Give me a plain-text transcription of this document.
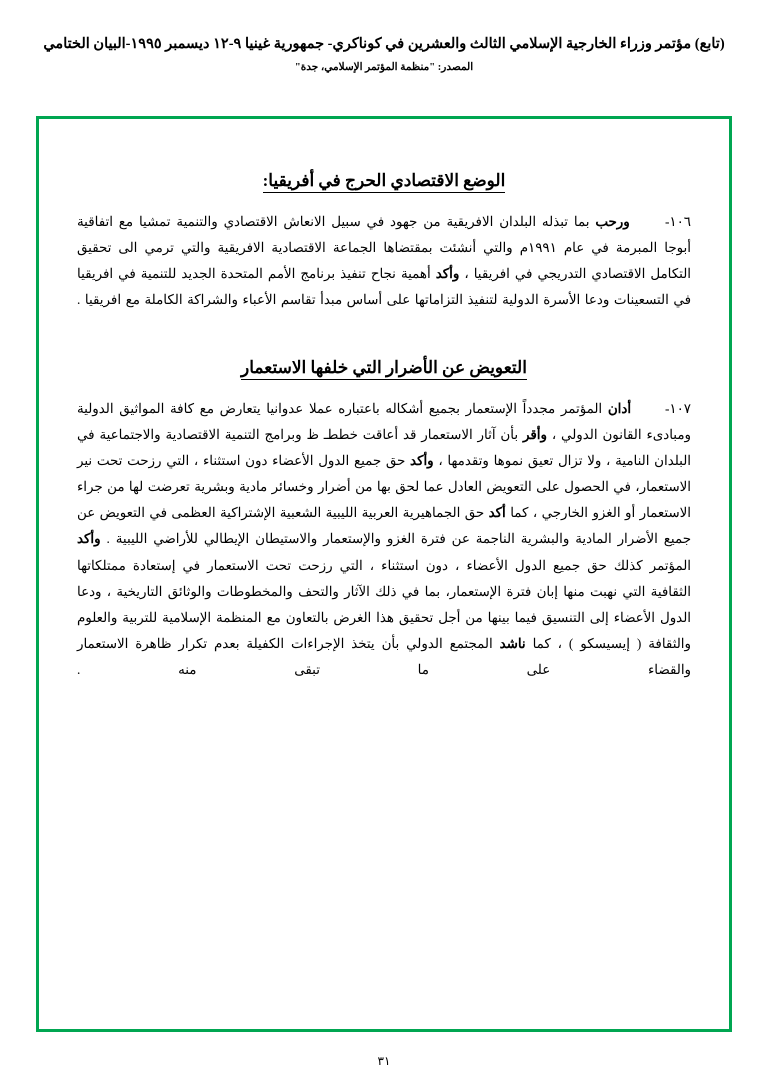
(تابع) مؤتمر وزراء الخارجية الإسلامي الثالث والعشرين في كوناكري- جمهورية غينيا ٩-١٢ ديسمبر ١٩٩٥-البيان الختامي
المصدر: "منظمة المؤتمر الإسلامي، جدة"
الوضع الاقتصادي الحرج في أفريقيا:

١٠٦-      ورحب بما تبذله البلدان الافريقية من جهود في سبيل الانعاش الاقتصادي والتنمية تمشيا مع اتفاقية أبوجا المبرمة في عام ١٩٩١م والتي أنشئت بمقتضاها الجماعة الاقتصادية الافريقية والتي ترمي الى تحقيق التكامل الاقتصادي التدريجي في افريقيا ، وأكد أهمية نجاح تنفيذ برنامج الأمم المتحدة الجديد للتنمية في افريقيا في التسعينات ودعا الأسرة الدولية لتنفيذ التزاماتها على أساس مبدأ تقاسم الأعباء والشراكة الكاملة مع افريقيا .

التعويض عن الأضرار التي خلفها الاستعمار

١٠٧-      أدان المؤتمر مجدداً الإستعمار بجميع أشكاله باعتباره عملا عدوانيا يتعارض مع كافة المواثيق الدولية ومبادىء القانون الدولي ، وأقر بأن آثار الاستعمار قد أعاقت خططـ ظ وبرامج التنمية الاقتصادية والاجتماعية في البلدان النامية ، ولا تزال تعيق نموها وتقدمها ، وأكد حق جميع الدول الأعضاء دون استثناء ، التي رزحت تحت نير الاستعمار، في الحصول على التعويض العادل عما لحق بها من أضرار وخسائر مادية وبشرية تعرضت لها من جراء الاستعمار أو الغزو الخارجي ، كما أكد حق الجماهيرية العربية الليبية الشعبية الإشتراكية العظمى في التعويض عن جميع الأضرار المادية والبشرية الناجمة عن فترة الغزو والإستعمار والاستيطان الإيطالي للأراضي الليبية . وأكد المؤتمر كذلك حق جميع الدول الأعضاء ، دون استثناء ، التي رزحت تحت الاستعمار في إستعادة ممتلكاتها الثقافية التي نهبت منها إبان فترة الإستعمار، بما في ذلك الآثار والتحف والمخطوطات والوثائق التاريخية ، ودعا الدول الأعضاء إلى التنسيق فيما بينها من أجل تحقيق هذا الغرض بالتعاون مع المنظمة الإسلامية للتربية والعلوم والثقافة ( إيسيسكو ) ، كما ناشد المجتمع الدولي بأن يتخذ الإجراءات الكفيلة بعدم تكرار ظاهرة الاستعمار والقضاء على ما تبقى منه .

٣١
